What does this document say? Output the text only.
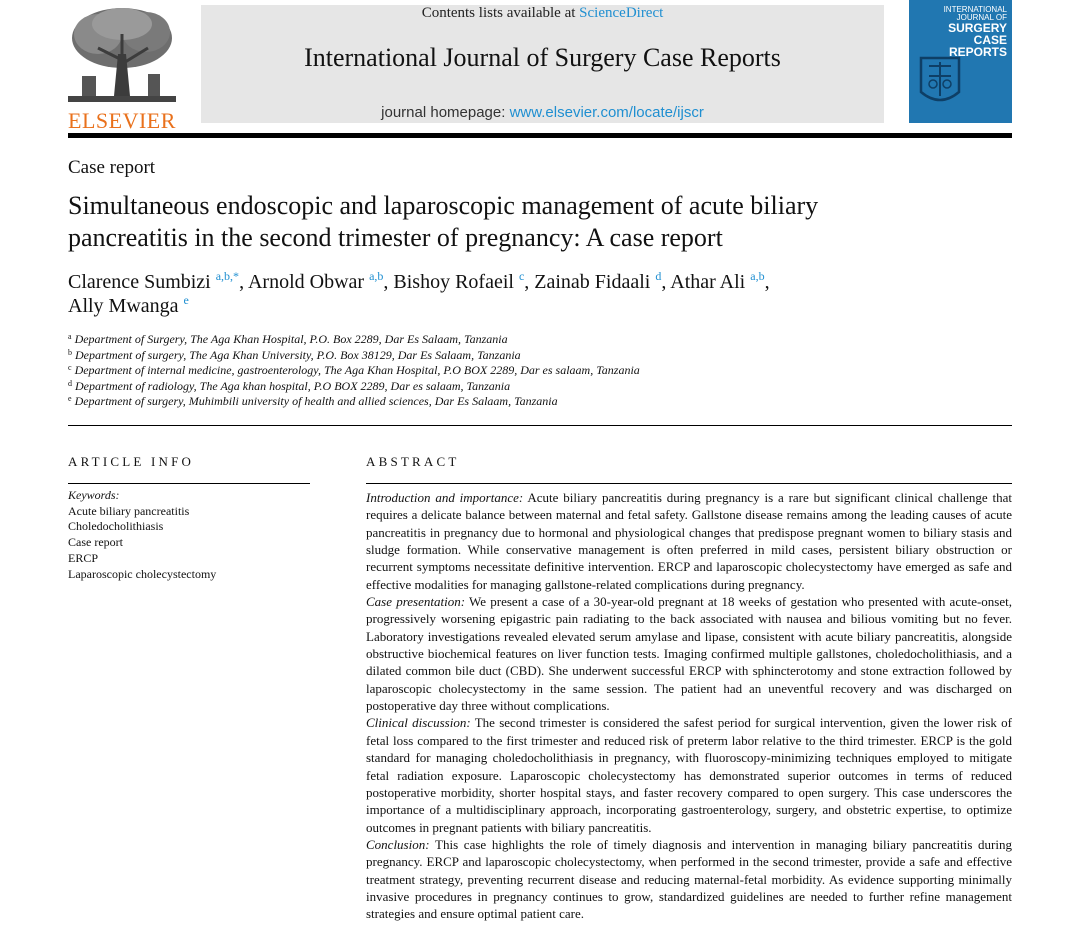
ELSEVIER
Contents lists available at ScienceDirect
International Journal of Surgery Case Reports
journal homepage: www.elsevier.com/locate/ijscr
INTERNATIONAL
JOURNAL OF
SURGERY
CASE
REPORTS
Case report
Simultaneous endoscopic and laparoscopic management of acute biliary pancreatitis in the second trimester of pregnancy: A case report
Clarence Sumbizi $^{a,b,*}$, Arnold Obwar $^{a,b}$, Bishoy Rofaeil $^c$, Zainab Fidaali $^d$, Athar Ali $^{a,b}$,
Ally Mwanga $^e$
$^a$ Department of Surgery, The Aga Khan Hospital, P.O. Box 2289, Dar Es Salaam, Tanzania
$^b$ Department of surgery, The Aga Khan University, P.O. Box 38129, Dar Es Salaam, Tanzania
$^c$ Department of internal medicine, gastroenterology, The Aga Khan Hospital, P.O BOX 2289, Dar es salaam, Tanzania
$^d$ Department of radiology, The Aga khan hospital, P.O BOX 2289, Dar es salaam, Tanzania
$^e$ Department of surgery, Muhimbili university of health and allied sciences, Dar Es Salaam, Tanzania
ARTICLE INFO	ABSTRACT
Keywords:
Acute biliary pancreatitis
Choledocholithiasis
Case report
ERCP
Laparoscopic cholecystectomy

Introduction and importance: Acute biliary pancreatitis during pregnancy is a rare but significant clinical challenge that requires a delicate balance between maternal and fetal safety. Gallstone disease remains among the leading causes of acute pancreatitis in pregnancy due to hormonal and physiological changes that predispose pregnant women to biliary stasis and sludge formation. While conservative management is often preferred in mild cases, persistent biliary obstruction or recurrent symptoms necessitate definitive intervention. ERCP and laparoscopic cholecystectomy have emerged as safe and effective modalities for managing gallstone-related complications during pregnancy.

Case presentation: We present a case of a 30-year-old pregnant at 18 weeks of gestation who presented with acute-onset, progressively worsening epigastric pain radiating to the back associated with nausea and bilious vomiting but no fever. Laboratory investigations revealed elevated serum amylase and lipase, consistent with acute biliary pancreatitis, alongside obstructive biochemical features on liver function tests. Imaging confirmed multiple gallstones, choledocholithiasis, and a dilated common bile duct (CBD). She underwent successful ERCP with sphincterotomy and stone extraction followed by laparoscopic cholecystectomy in the same session. The patient had an uneventful recovery and was discharged on postoperative day three without complications.

Clinical discussion: The second trimester is considered the safest period for surgical intervention, given the lower risk of fetal loss compared to the first trimester and reduced risk of preterm labor relative to the third trimester. ERCP is the gold standard for managing choledocholithiasis in pregnancy, with fluoroscopy-minimizing techniques employed to mitigate fetal radiation exposure. Laparoscopic cholecystectomy has demonstrated superior outcomes in terms of reduced postoperative morbidity, shorter hospital stays, and faster recovery compared to open surgery. This case underscores the importance of a multidisciplinary approach, incorporating gastroenterology, surgery, and obstetric expertise, to optimize outcomes in pregnant patients with biliary pancreatitis.

Conclusion: This case highlights the role of timely diagnosis and intervention in managing biliary pancreatitis during pregnancy. ERCP and laparoscopic cholecystectomy, when performed in the second trimester, provide a safe and effective treatment strategy, preventing recurrent disease and reducing maternal-fetal morbidity. As evidence supporting minimally invasive procedures in pregnancy continues to grow, standardized guidelines are needed to further refine management strategies and ensure optimal patient care.
